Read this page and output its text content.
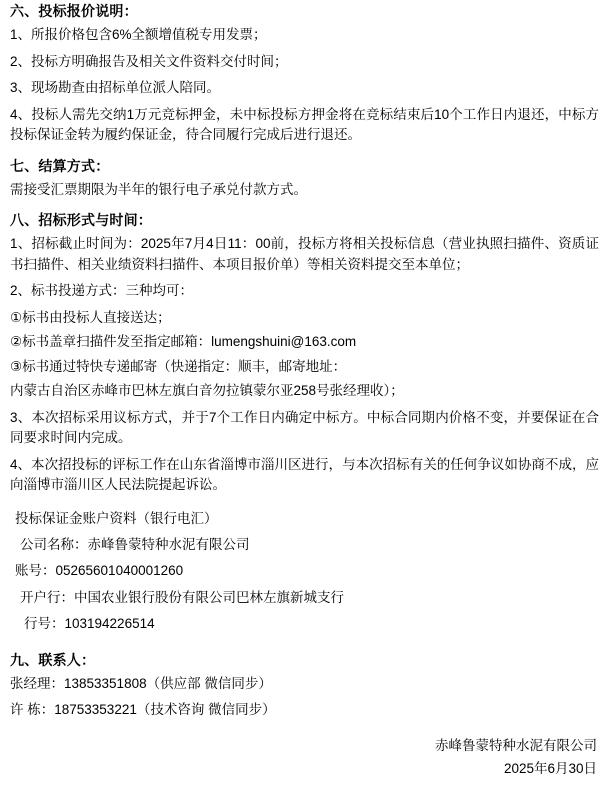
六、投标报价说明：

1、所报价格包含6%全额增值税专用发票；

2、投标方明确报告及相关文件资料交付时间；

3、现场勘查由招标单位派人陪同。

4、投标人需先交纳1万元竞标押金，未中标投标方押金将在竞标结束后10个工作日内退还，中标方投标保证金转为履约保证金，待合同履行完成后进行退还。

七、结算方式：

需接受汇票期限为半年的银行电子承兑付款方式。

八、招标形式与时间：

1、招标截止时间为：2025年7月4日11：00前，投标方将相关投标信息（营业执照扫描件、资质证书扫描件、相关业绩资料扫描件、本项目报价单）等相关资料提交至本单位；

2、标书投递方式：三种均可：

①标书由投标人直接送达；

②标书盖章扫描件发至指定邮箱：lumengshuini@163.com

③标书通过特快专递邮寄（快递指定：顺丰，邮寄地址：

内蒙古自治区赤峰市巴林左旗白音勿拉镇蒙尔亚258号张经理收）；

3、本次招标采用议标方式，并于7个工作日内确定中标方。中标合同期内价格不变，并要保证在合同要求时间内完成。

4、本次招投标的评标工作在山东省淄博市淄川区进行，与本次招标有关的任何争议如协商不成，应向淄博市淄川区人民法院提起诉讼。

投标保证金账户资料（银行电汇）
公司名称：赤峰鲁蒙特种水泥有限公司
账号：05265601040001260
开户行：中国农业银行股份有限公司巴林左旗新城支行
行号：103194226514
九、联系人：
张经理：13853351808（供应部 微信同步）
许 栋：18753353221（技术咨询 微信同步）
赤峰鲁蒙特种水泥有限公司
2025年6月30日
